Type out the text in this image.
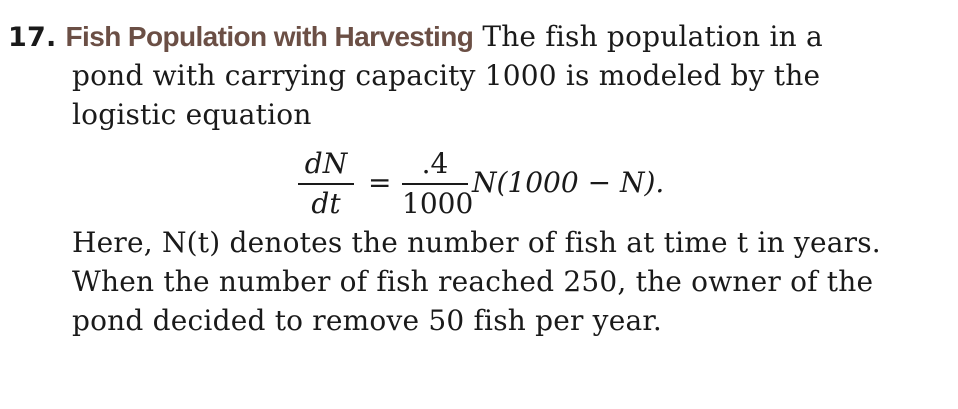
17. Fish Population with Harvesting The fish population in a
pond with carrying capacity 1000 is modeled by the
logistic equation
dN
dt
=
.4
1000
N(1000 − N).
Here, N(t) denotes the number of fish at time t in years.
When the number of fish reached 250, the owner of the
pond decided to remove 50 fish per year.
